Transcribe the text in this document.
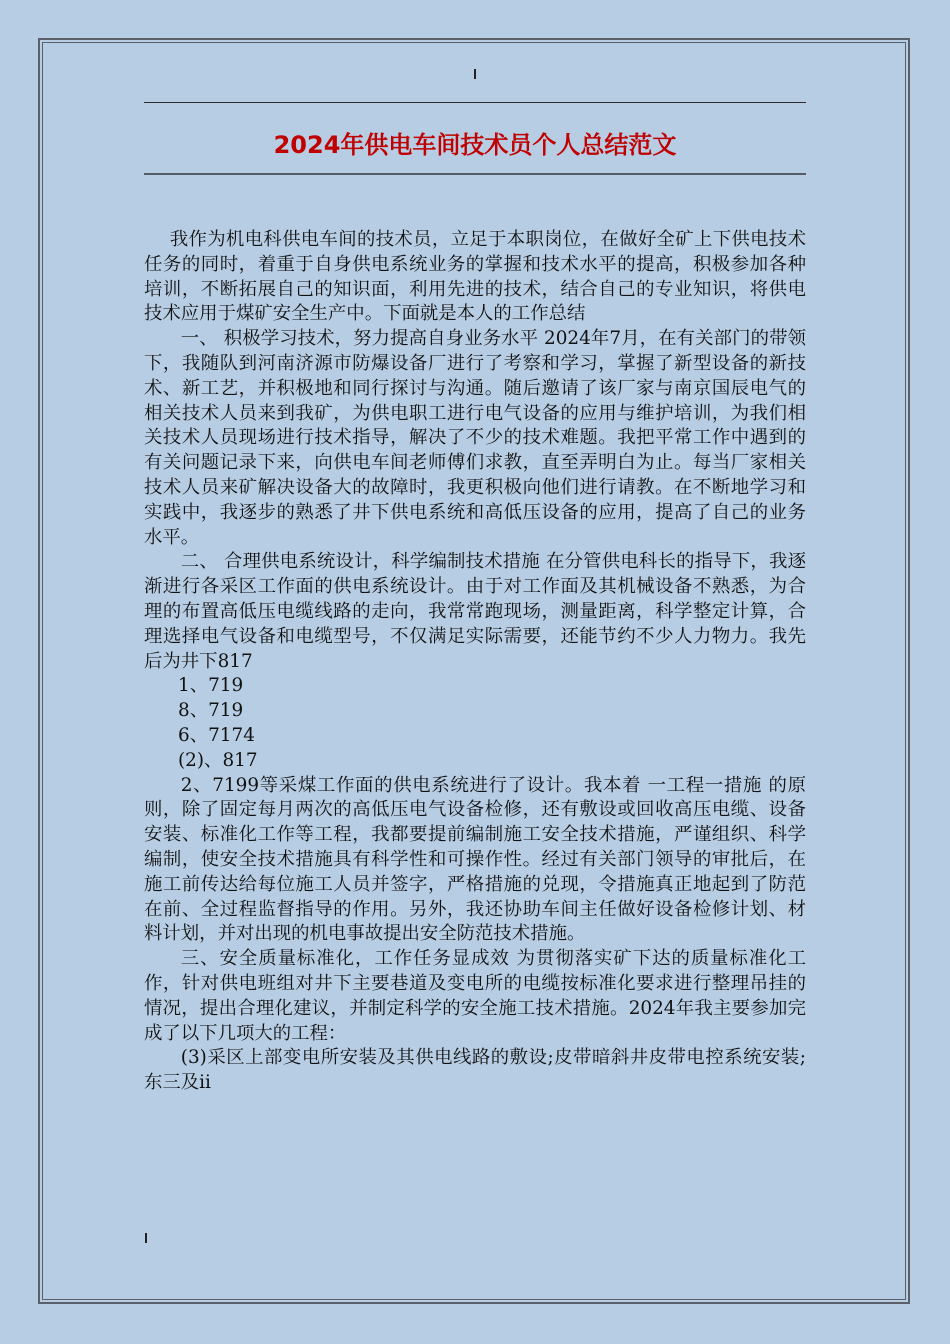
2024年供电车间技术员个人总结范文

我作为机电科供电车间的技术员，立足于本职岗位，在做好全矿上下供电技术任务的同时，着重于自身供电系统业务的掌握和技术水平的提高，积极参加各种培训，不断拓展自己的知识面，利用先进的技术，结合自己的专业知识，将供电技术应用于煤矿安全生产中。下面就是本人的工作总结

一、 积极学习技术，努力提高自身业务水平 2024年7月，在有关部门的带领下，我随队到河南济源市防爆设备厂进行了考察和学习，掌握了新型设备的新技术、新工艺，并积极地和同行探讨与沟通。随后邀请了该厂家与南京国辰电气的相关技术人员来到我矿，为供电职工进行电气设备的应用与维护培训，为我们相关技术人员现场进行技术指导，解决了不少的技术难题。我把平常工作中遇到的有关问题记录下来，向供电车间老师傅们求教，直至弄明白为止。每当厂家相关技术人员来矿解决设备大的故障时，我更积极向他们进行请教。在不断地学习和实践中，我逐步的熟悉了井下供电系统和高低压设备的应用，提高了自己的业务水平。

二、 合理供电系统设计，科学编制技术措施 在分管供电科长的指导下，我逐渐进行各采区工作面的供电系统设计。由于对工作面及其机械设备不熟悉，为合理的布置高低压电缆线路的走向，我常常跑现场，测量距离，科学整定计算，合理选择电气设备和电缆型号，不仅满足实际需要，还能节约不少人力物力。我先后为井下817

1、719

8、719

6、7174

(2)、817

2、7199等采煤工作面的供电系统进行了设计。我本着 一工程一措施 的原则，除了固定每月两次的高低压电气设备检修，还有敷设或回收高压电缆、设备安装、标准化工作等工程，我都要提前编制施工安全技术措施，严谨组织、科学编制，使安全技术措施具有科学性和可操作性。经过有关部门领导的审批后，在施工前传达给每位施工人员并签字，严格措施的兑现，令措施真正地起到了防范在前、全过程监督指导的作用。另外，我还协助车间主任做好设备检修计划、材料计划，并对出现的机电事故提出安全防范技术措施。

三、安全质量标准化，工作任务显成效 为贯彻落实矿下达的质量标准化工作，针对供电班组对井下主要巷道及变电所的电缆按标准化要求进行整理吊挂的情况，提出合理化建议，并制定科学的安全施工技术措施。2024年我主要参加完成了以下几项大的工程：

(3)采区上部变电所安装及其供电线路的敷设;皮带暗斜井皮带电控系统安装;东三及ii
